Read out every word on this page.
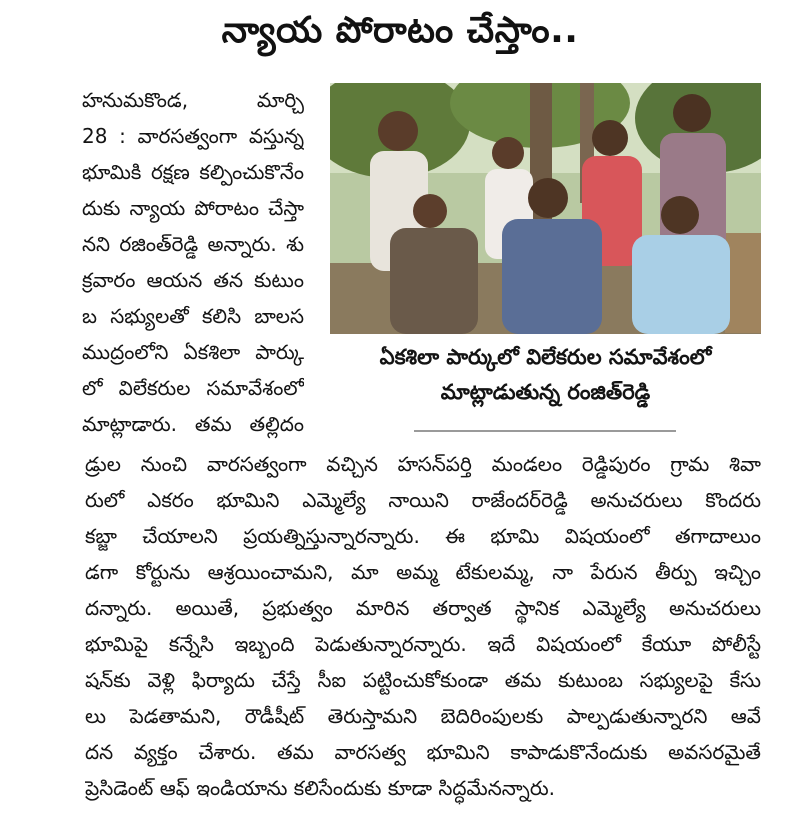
న్యాయ పోరాటం చేస్తాం..
హనుమకొండ, మార్చి
28 : వారసత్వంగా వస్తున్న
భూమికి రక్షణ కల్పించుకొనేం
దుకు న్యాయ పోరాటం చేస్తా
నని రజింత్‌రెడ్డి అన్నారు. శు
క్రవారం ఆయన తన కుటుం
బ సభ్యులతో కలిసి బాలస
ముద్రంలోని ఏకశిలా పార్కు
లో విలేకరుల సమావేశంలో
మాట్లాడారు. తమ తల్లిదం
ఏకశిలా పార్కులో విలేకరుల సమావేశంలో
మాట్లాడుతున్న రంజిత్‌రెడ్డి
డ్రుల నుంచి వారసత్వంగా వచ్చిన హసన్‌పర్తి మండలం రెడ్డిపురం గ్రామ శివా
రులో ఎకరం భూమిని ఎమ్మెల్యే నాయిని రాజేందర్‌రెడ్డి అనుచరులు కొందరు
కబ్జా చేయాలని ప్రయత్నిస్తున్నారన్నారు. ఈ భూమి విషయంలో తగాదాలుం
డగా కోర్టును ఆశ్రయించామని, మా అమ్మ టేకులమ్మ, నా పేరున తీర్పు ఇచ్చిం
దన్నారు. అయితే, ప్రభుత్వం మారిన తర్వాత స్థానిక ఎమ్మెల్యే అనుచరులు
భూమిపై కన్నేసి ఇబ్బంది పెడుతున్నారన్నారు. ఇదే విషయంలో కేయూ పోలీస్టే
షన్‌కు వెళ్లి ఫిర్యాదు చేస్తే సీఐ పట్టించుకోకుండా తమ కుటుంబ సభ్యులపై కేసు
లు పెడతామని, రౌడీషీట్ తెరుస్తామని బెదిరింపులకు పాల్పడుతున్నారని ఆవే
దన వ్యక్తం చేశారు. తమ వారసత్వ భూమిని కాపాడుకొనేందుకు అవసరమైతే
ప్రెసిడెంట్ ఆఫ్ ఇండియాను కలిసేందుకు కూడా సిద్ధమేనన్నారు.
